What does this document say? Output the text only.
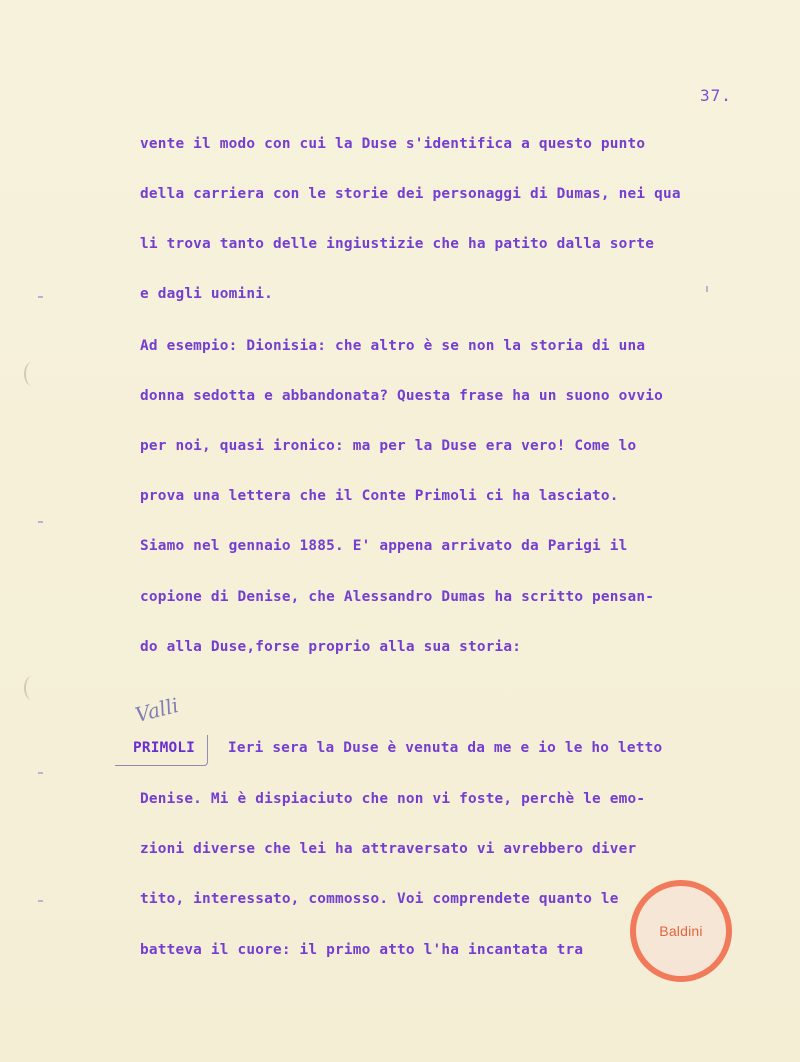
37.
vente il modo con cui la Duse s'identifica a questo punto
della carriera con le storie dei personaggi di Dumas, nei qua
li trova tanto delle ingiustizie che ha patito dalla sorte
e dagli uomini.
Ad esempio: Dionisia: che altro è se non la storia di una
donna sedotta e abbandonata? Questa frase ha un suono ovvio
per noi, quasi ironico: ma per la Duse era vero! Come lo
prova una lettera che il Conte Primoli ci ha lasciato.
Siamo nel gennaio 1885. E' appena arrivato da Parigi il
copione di Denise, che Alessandro Dumas ha scritto pensan-
do alla Duse,forse proprio alla sua storia:
Valli
PRIMOLI Ieri sera la Duse è venuta da me e io le ho letto
Denise. Mi è dispiaciuto che non vi foste, perchè le emo-
zioni diverse che lei ha attraversato vi avrebbero diver
tito, interessato, commosso. Voi comprendete quanto le
batteva il cuore: il primo atto l'ha incantata tra
Baldini
